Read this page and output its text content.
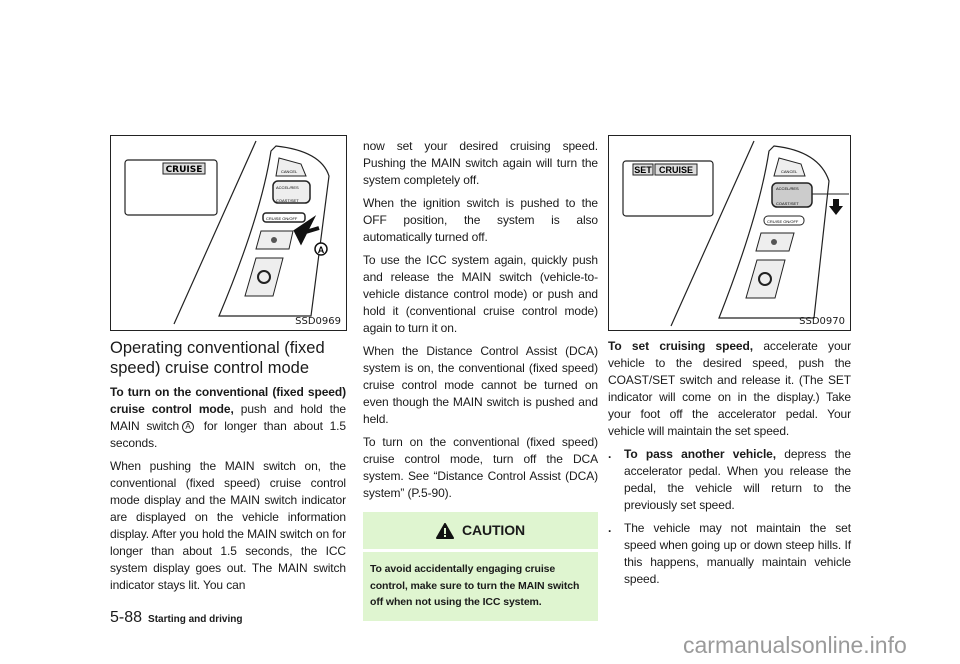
CRUISE	CANCEL
ACCEL/RES
COAST/SET
CRUISE ON/OFF
A
SSD0969
SET CRUISE	CANCEL
ACCEL/RES
COAST/SET
CRUISE ON/OFF
SSD0970
Operating conventional (fixed speed) cruise control mode

To turn on the conventional (fixed speed) cruise control mode, push and hold the MAIN switch A for longer than about 1.5 seconds.

When pushing the MAIN switch on, the conventional (fixed speed) cruise control mode display and the MAIN switch indicator are displayed on the vehicle information display. After you hold the MAIN switch on for longer than about 1.5 seconds, the ICC system display goes out. The MAIN switch indicator stays lit. You can

5-88 Starting and driving

now set your desired cruising speed. Pushing the MAIN switch again will turn the system completely off.

When the ignition switch is pushed to the OFF position, the system is also automatically turned off.

To use the ICC system again, quickly push and release the MAIN switch (vehicle-to-vehicle distance control mode) or push and hold it (conventional cruise control mode) again to turn it on.

When the Distance Control Assist (DCA) system is on, the conventional (fixed speed) cruise control mode cannot be turned on even though the MAIN switch is pushed and held.

To turn on the conventional (fixed speed) cruise control mode, turn off the DCA system. See “Distance Control Assist (DCA) system” (P.5-90).

CAUTION
To avoid accidentally engaging cruise control, make sure to turn the MAIN switch off when not using the ICC system.

To set cruising speed, accelerate your vehicle to the desired speed, push the COAST/SET switch and release it. (The SET indicator will come on in the display.) Take your foot off the accelerator pedal. Your vehicle will maintain the set speed.

.	To pass another vehicle, depress the accelerator pedal. When you release the pedal, the vehicle will return to the previously set speed.

.	The vehicle may not maintain the set speed when going up or down steep hills. If this happens, manually maintain vehicle speed.

carmanualsonline.info
